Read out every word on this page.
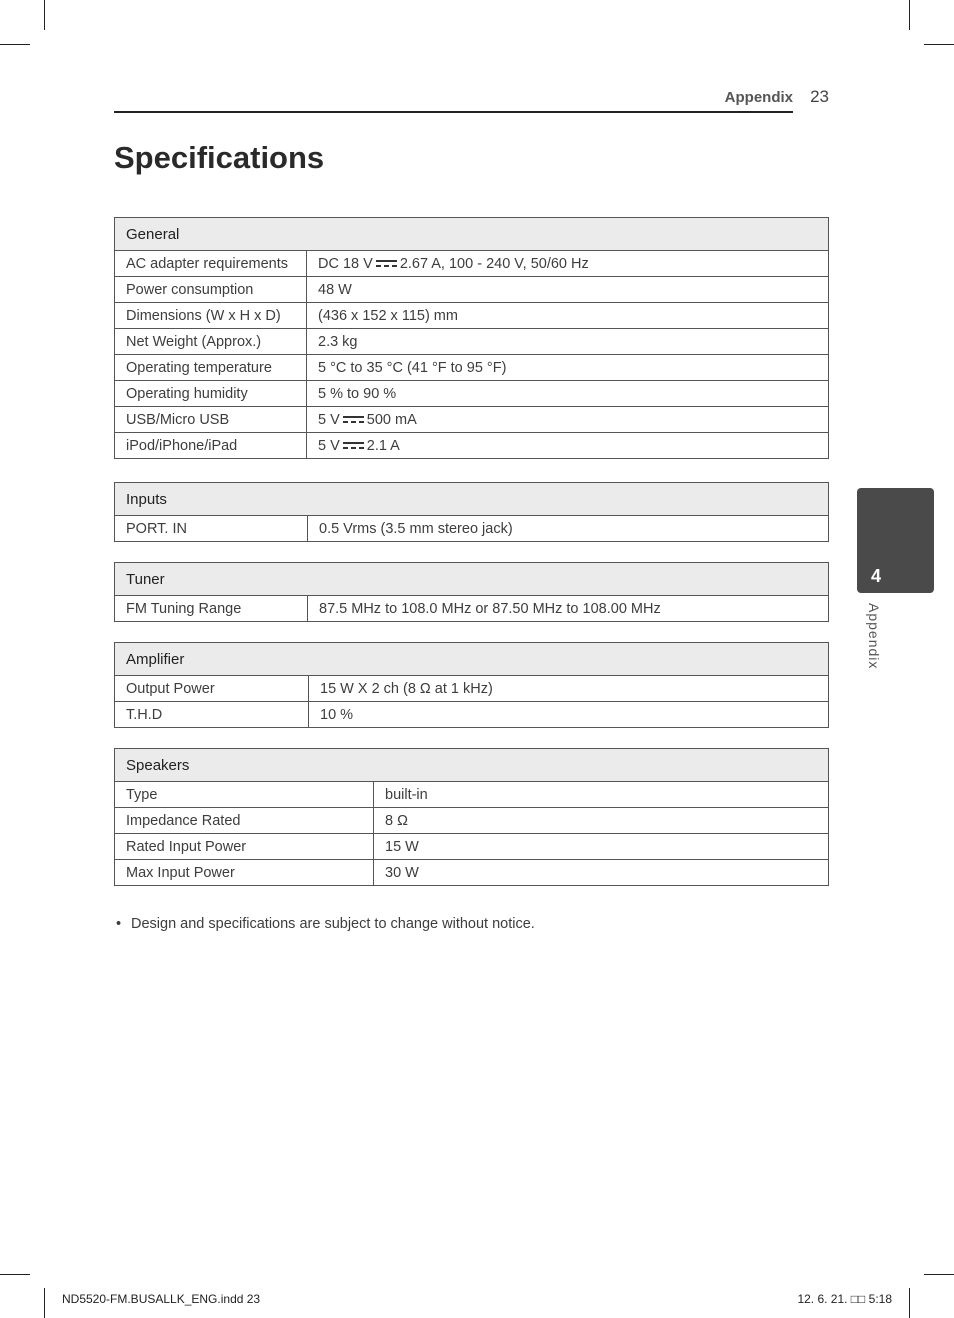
Appendix 23
Specifications
4
Appendix
General	
AC adapter requirements	DC 18 V 2.67 A, 100 - 240 V, 50/60 Hz
Power consumption	48 W
Dimensions (W x H x D)	(436 x 152 x 115) mm
Net Weight (Approx.)	2.3 kg
Operating temperature	5 °C to 35 °C (41 °F to 95 °F)
Operating humidity	5 % to 90 %
USB/Micro USB	5 V 500 mA
iPod/iPhone/iPad	5 V 2.1 A
Inputs
PORT. IN	0.5 Vrms (3.5 mm stereo jack)
Tuner
FM Tuning Range	87.5 MHz to 108.0 MHz or 87.50 MHz to 108.00 MHz
Amplifier	
Output Power	15 W X 2 ch (8 Ω at 1 kHz)
T.H.D	10 %
Speakers	
Type	built-in
Impedance Rated	8 Ω
Rated Input Power	15 W
Max Input Power	30 W
• Design and specifications are subject to change without notice.
ND5520-FM.BUSALLK_ENG.indd 23	12. 6. 21. □□ 5:18
